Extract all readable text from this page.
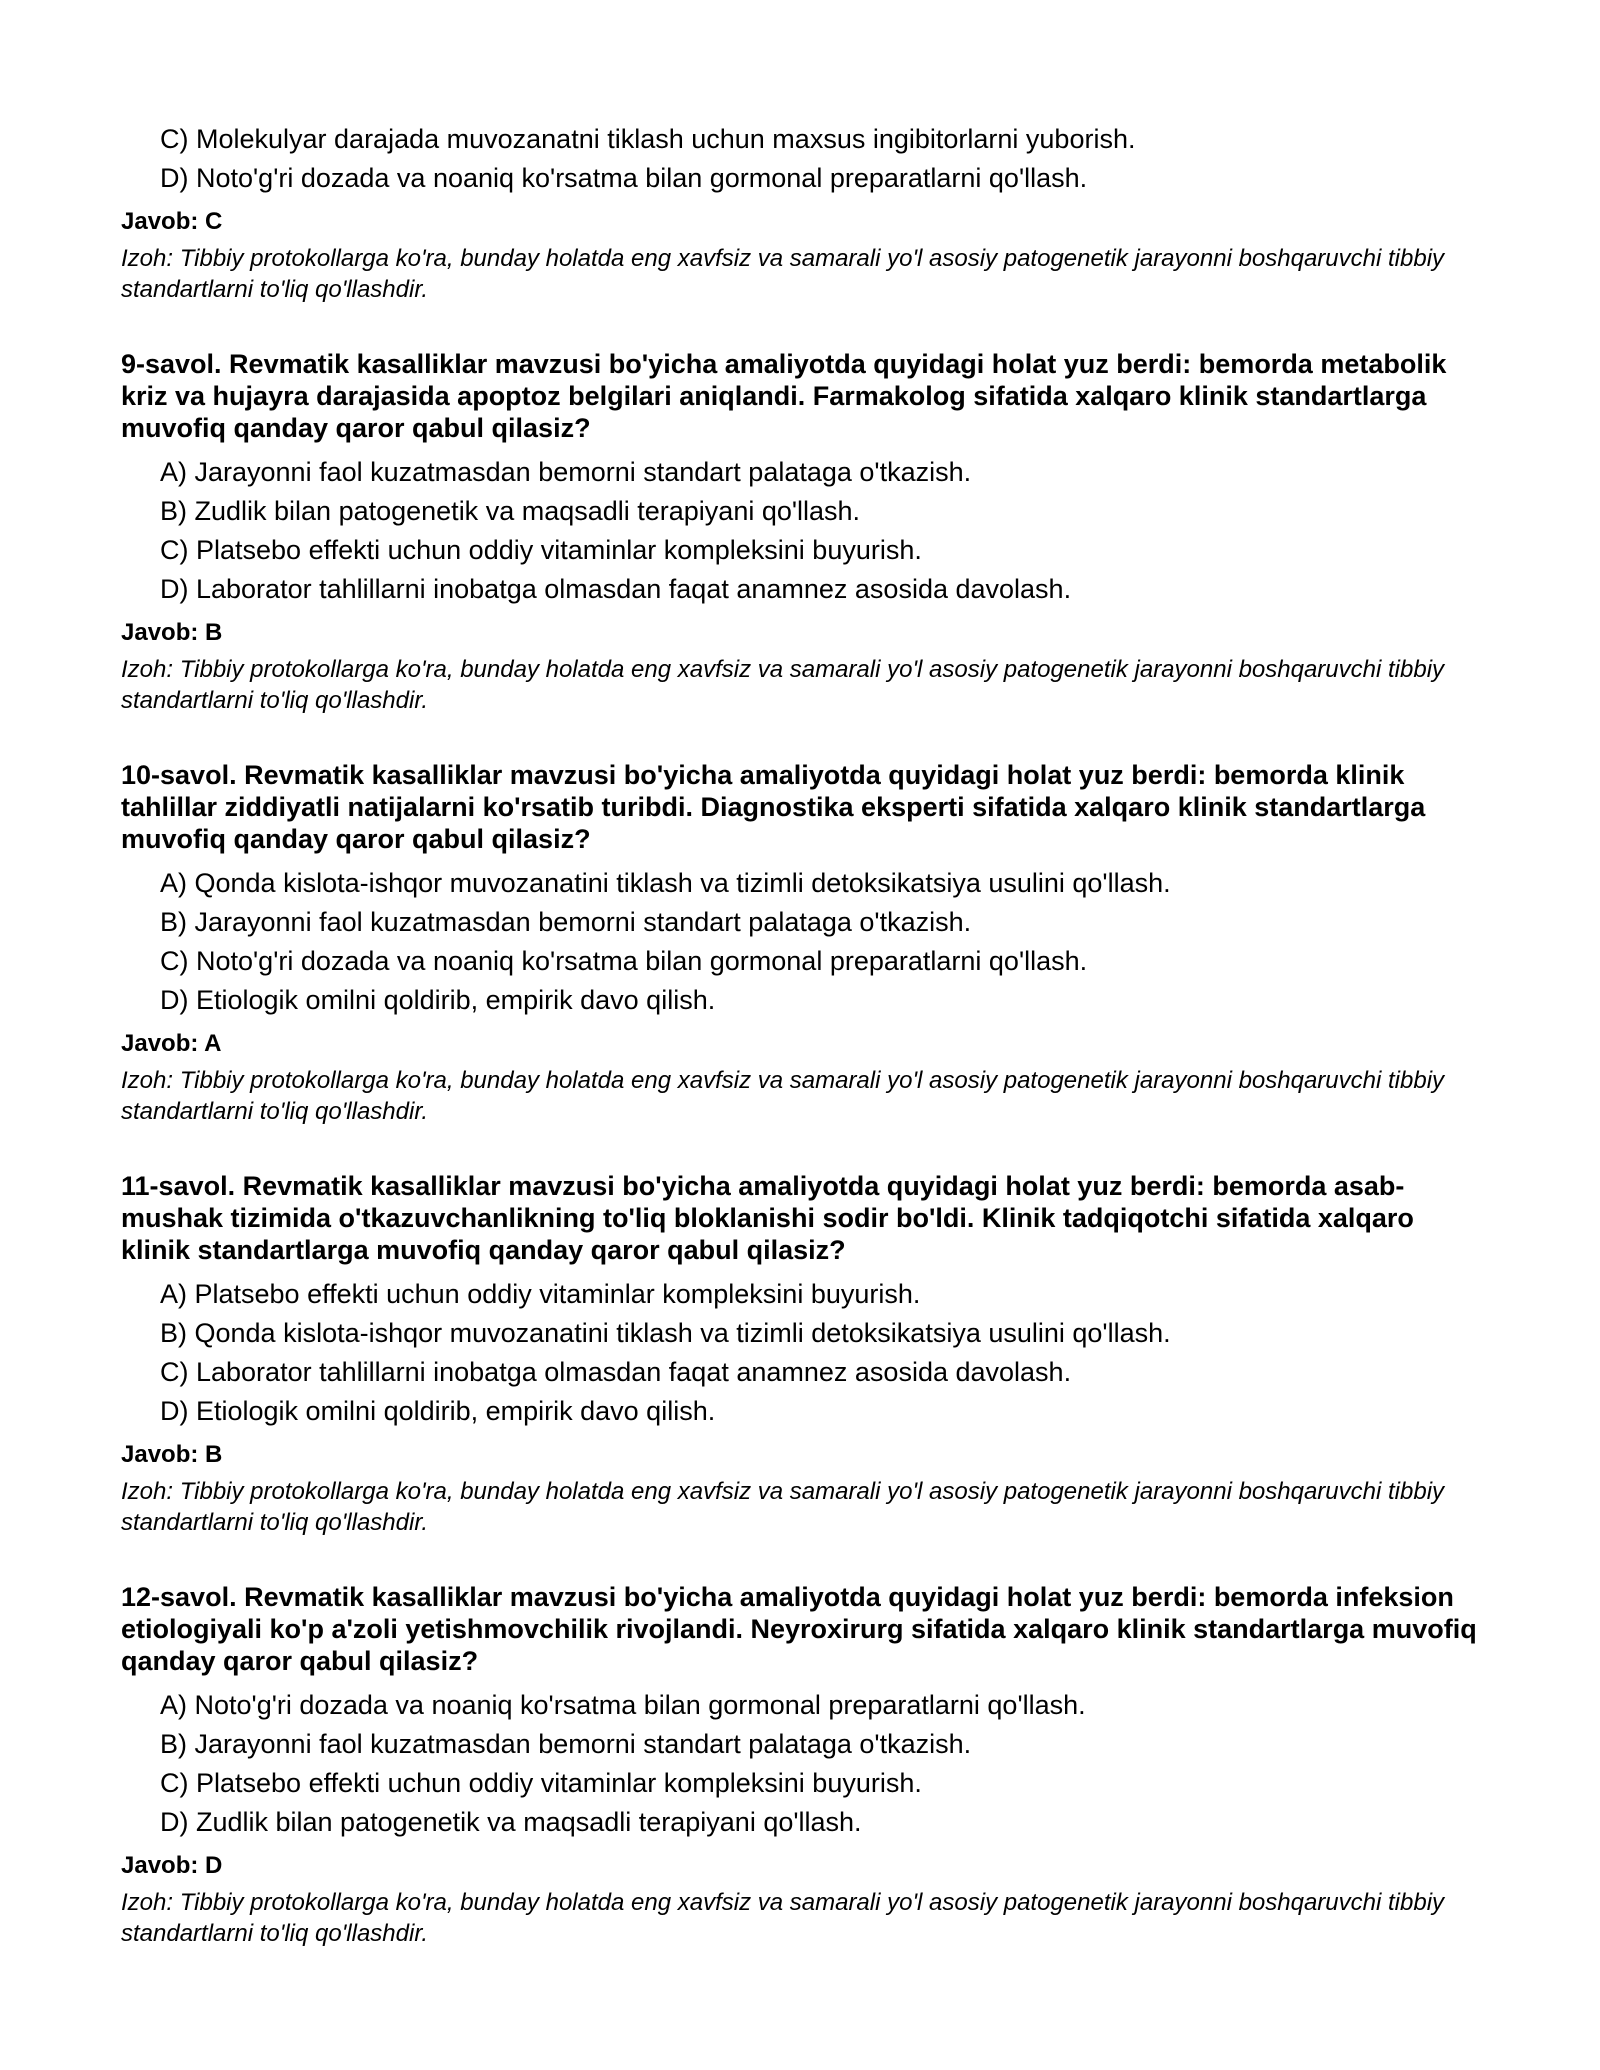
C) Molekulyar darajada muvozanatni tiklash uchun maxsus ingibitorlarni yuborish.
D) Noto'g'ri dozada va noaniq ko'rsatma bilan gormonal preparatlarni qo'llash.
Javob: C
Izoh: Tibbiy protokollarga ko'ra, bunday holatda eng xavfsiz va samarali yo'l asosiy patogenetik jarayonni boshqaruvchi tibbiy standartlarni to'liq qo'llashdir.
9-savol. Revmatik kasalliklar mavzusi bo'yicha amaliyotda quyidagi holat yuz berdi: bemorda metabolik kriz va hujayra darajasida apoptoz belgilari aniqlandi. Farmakolog sifatida xalqaro klinik standartlarga muvofiq qanday qaror qabul qilasiz?
A) Jarayonni faol kuzatmasdan bemorni standart palataga o'tkazish.
B) Zudlik bilan patogenetik va maqsadli terapiyani qo'llash.
C) Platsebo effekti uchun oddiy vitaminlar kompleksini buyurish.
D) Laborator tahlillarni inobatga olmasdan faqat anamnez asosida davolash.
Javob: B
Izoh: Tibbiy protokollarga ko'ra, bunday holatda eng xavfsiz va samarali yo'l asosiy patogenetik jarayonni boshqaruvchi tibbiy standartlarni to'liq qo'llashdir.
10-savol. Revmatik kasalliklar mavzusi bo'yicha amaliyotda quyidagi holat yuz berdi: bemorda klinik tahlillar ziddiyatli natijalarni ko'rsatib turibdi. Diagnostika eksperti sifatida xalqaro klinik standartlarga muvofiq qanday qaror qabul qilasiz?
A) Qonda kislota-ishqor muvozanatini tiklash va tizimli detoksikatsiya usulini qo'llash.
B) Jarayonni faol kuzatmasdan bemorni standart palataga o'tkazish.
C) Noto'g'ri dozada va noaniq ko'rsatma bilan gormonal preparatlarni qo'llash.
D) Etiologik omilni qoldirib, empirik davo qilish.
Javob: A
Izoh: Tibbiy protokollarga ko'ra, bunday holatda eng xavfsiz va samarali yo'l asosiy patogenetik jarayonni boshqaruvchi tibbiy standartlarni to'liq qo'llashdir.
11-savol. Revmatik kasalliklar mavzusi bo'yicha amaliyotda quyidagi holat yuz berdi: bemorda asab-mushak tizimida o'tkazuvchanlikning to'liq bloklanishi sodir bo'ldi. Klinik tadqiqotchi sifatida xalqaro klinik standartlarga muvofiq qanday qaror qabul qilasiz?
A) Platsebo effekti uchun oddiy vitaminlar kompleksini buyurish.
B) Qonda kislota-ishqor muvozanatini tiklash va tizimli detoksikatsiya usulini qo'llash.
C) Laborator tahlillarni inobatga olmasdan faqat anamnez asosida davolash.
D) Etiologik omilni qoldirib, empirik davo qilish.
Javob: B
Izoh: Tibbiy protokollarga ko'ra, bunday holatda eng xavfsiz va samarali yo'l asosiy patogenetik jarayonni boshqaruvchi tibbiy standartlarni to'liq qo'llashdir.
12-savol. Revmatik kasalliklar mavzusi bo'yicha amaliyotda quyidagi holat yuz berdi: bemorda infeksion etiologiyali ko'p a'zoli yetishmovchilik rivojlandi. Neyroxirurg sifatida xalqaro klinik standartlarga muvofiq qanday qaror qabul qilasiz?
A) Noto'g'ri dozada va noaniq ko'rsatma bilan gormonal preparatlarni qo'llash.
B) Jarayonni faol kuzatmasdan bemorni standart palataga o'tkazish.
C) Platsebo effekti uchun oddiy vitaminlar kompleksini buyurish.
D) Zudlik bilan patogenetik va maqsadli terapiyani qo'llash.
Javob: D
Izoh: Tibbiy protokollarga ko'ra, bunday holatda eng xavfsiz va samarali yo'l asosiy patogenetik jarayonni boshqaruvchi tibbiy standartlarni to'liq qo'llashdir.
